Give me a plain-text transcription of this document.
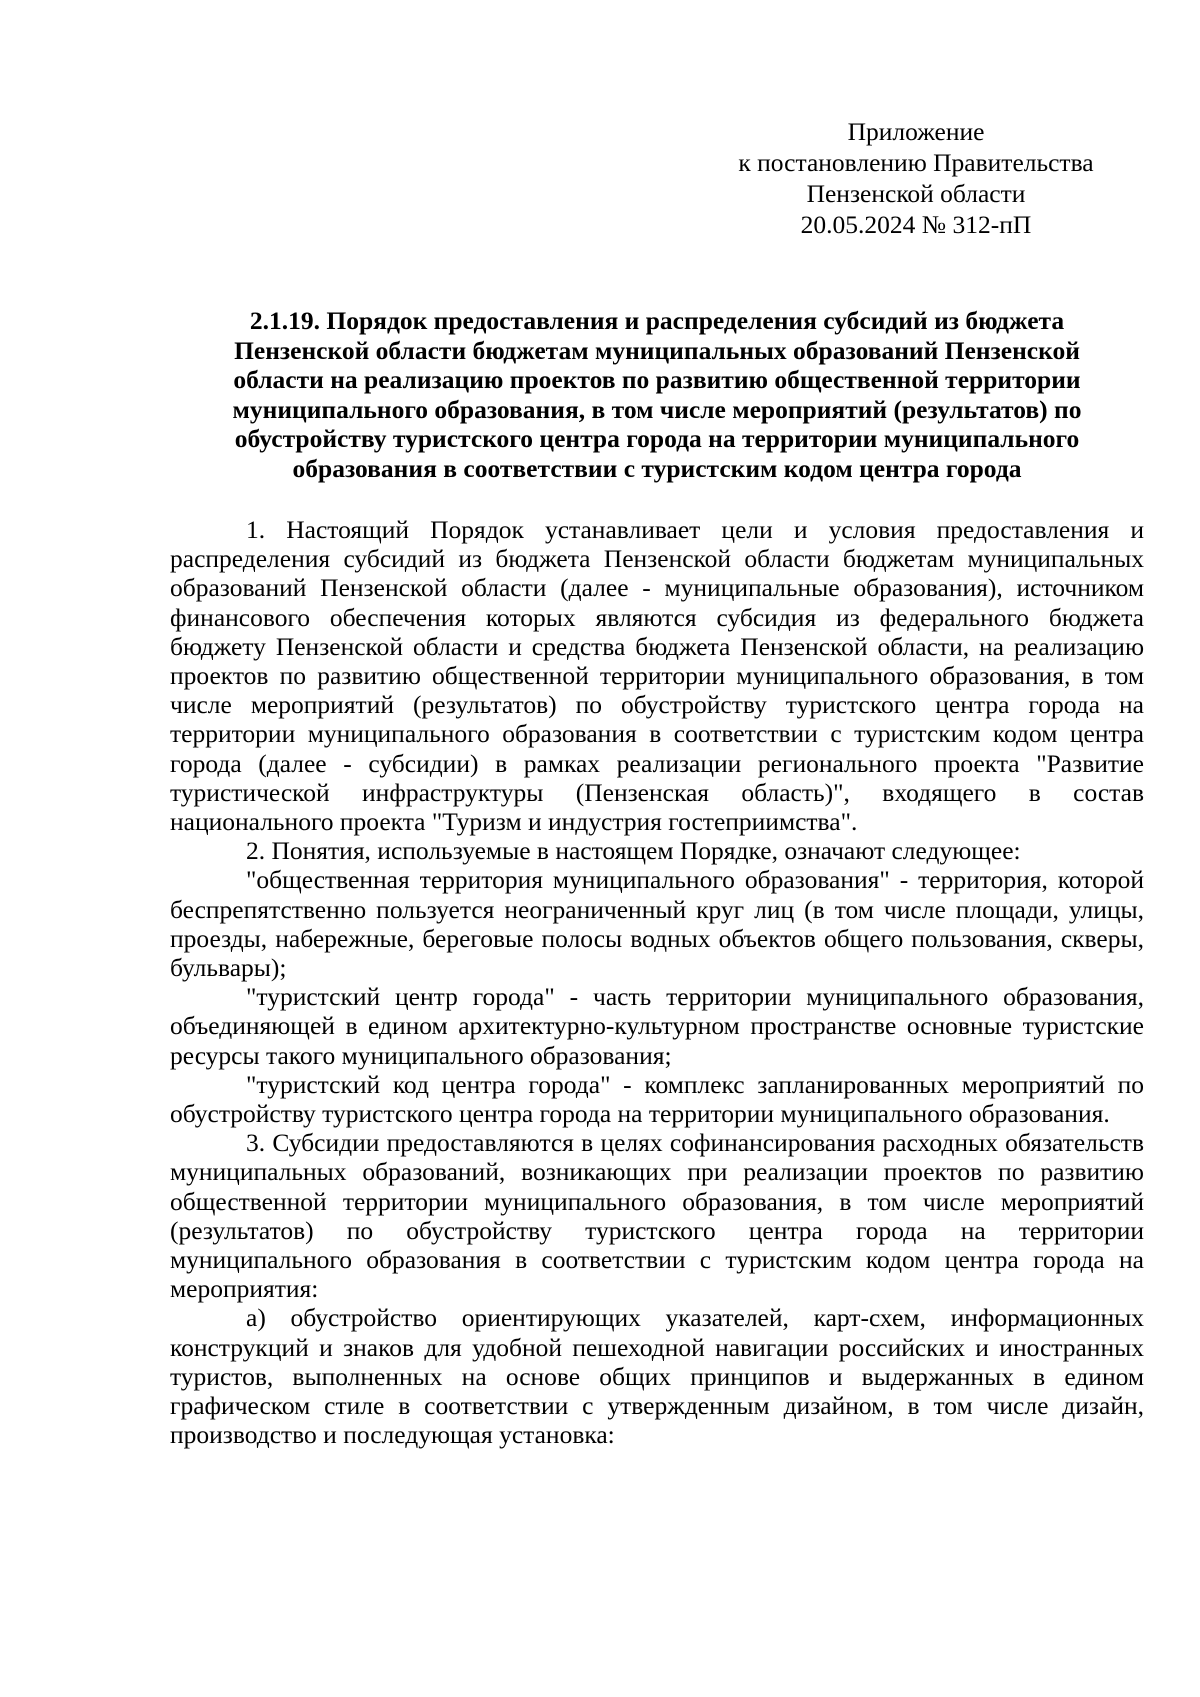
Приложение
к постановлению Правительства
Пензенской области
20.05.2024 № 312-пП
2.1.19. Порядок предоставления и распределения субсидий из бюджета
Пензенской области бюджетам муниципальных образований Пензенской
области на реализацию проектов по развитию общественной территории
муниципального образования, в том числе мероприятий (результатов) по
обустройству туристского центра города на территории муниципального
образования в соответствии с туристским кодом центра города

1. Настоящий Порядок устанавливает цели и условия предоставления и распределения субсидий из бюджета Пензенской области бюджетам муниципальных образований Пензенской области (далее - муниципальные образования), источником финансового обеспечения которых являются субсидия из федерального бюджета бюджету Пензенской области и средства бюджета Пензенской области, на реализацию проектов по развитию общественной территории муниципального образования, в том числе мероприятий (результатов) по обустройству туристского центра города на территории муниципального образования в соответствии с туристским кодом центра города (далее - субсидии) в рамках реализации регионального проекта "Развитие туристической инфраструктуры (Пензенская область)", входящего в состав национального проекта "Туризм и индустрия гостеприимства".

2. Понятия, используемые в настоящем Порядке, означают следующее:

"общественная территория муниципального образования" - территория, которой беспрепятственно пользуется неограниченный круг лиц (в том числе площади, улицы, проезды, набережные, береговые полосы водных объектов общего пользования, скверы, бульвары);

"туристский центр города" - часть территории муниципального образования, объединяющей в едином архитектурно-культурном пространстве основные туристские ресурсы такого муниципального образования;

"туристский код центра города" - комплекс запланированных мероприятий по обустройству туристского центра города на территории муниципального образования.

3. Субсидии предоставляются в целях софинансирования расходных обязательств муниципальных образований, возникающих при реализации проектов по развитию общественной территории муниципального образования, в том числе мероприятий (результатов) по обустройству туристского центра города на территории муниципального образования в соответствии с туристским кодом центра города на мероприятия:

а) обустройство ориентирующих указателей, карт-схем, информационных конструкций и знаков для удобной пешеходной навигации российских и иностранных туристов, выполненных на основе общих принципов и выдержанных в едином графическом стиле в соответствии с утвержденным дизайном, в том числе дизайн, производство и последующая установка:
